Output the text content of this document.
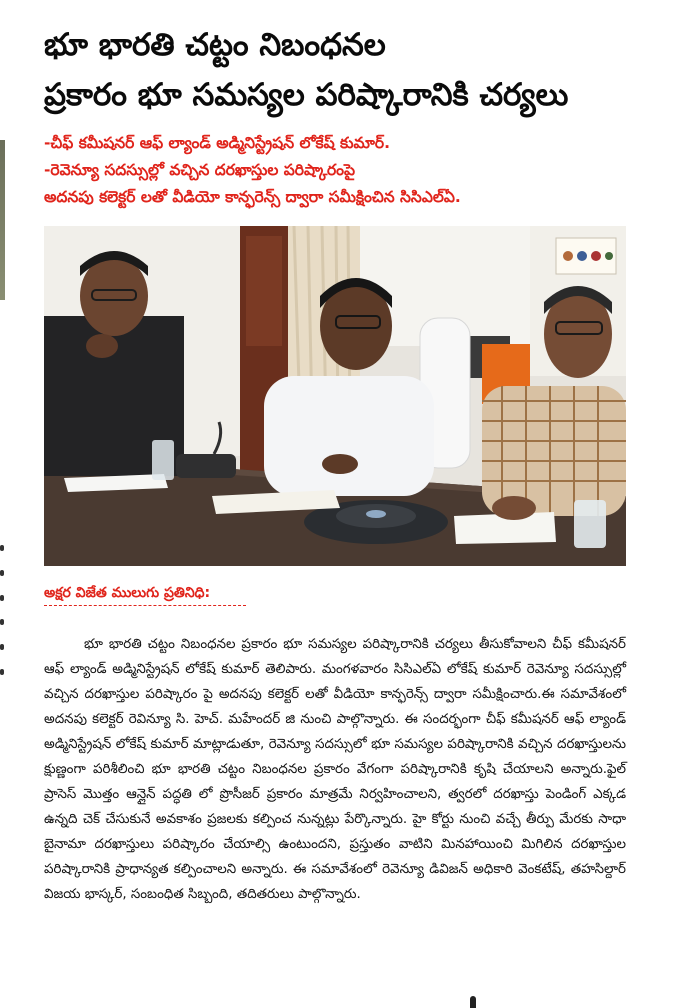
భూ భారతి చట్టం నిబంధనల
ప్రకారం భూ సమస్యల పరిష్కారానికి చర్యలు
-చీఫ్ కమీషనర్ ఆఫ్ ల్యాండ్ అడ్మినిస్ట్రేషన్ లోకేష్ కుమార్.
-రెవెన్యూ సదస్సుల్లో వచ్చిన దరఖాస్తుల పరిష్కారంపై
అదనపు కలెక్టర్ లతో వీడియో కాన్ఫరెన్స్ ద్వారా సమీక్షించిన సిసిఎల్ఏ.
అక్షర విజేత ములుగు ప్రతినిధి:

భూ భారతి చట్టం నిబంధనల ప్రకారం భూ సమస్యల పరిష్కారానికి చర్యలు తీసుకోవాలని చీఫ్ కమీషనర్ ఆఫ్ ల్యాండ్ అడ్మినిస్ట్రేషన్ లోకేష్ కుమార్ తెలిపారు. మంగళవారం సిసిఎల్ఏ లోకేష్ కుమార్ రెవెన్యూ సదస్సుల్లో వచ్చిన దరఖాస్తుల పరిష్కారం పై అదనపు కలెక్టర్ లతో వీడియో కాన్ఫరెన్స్ ద్వారా సమీక్షించారు.ఈ సమావేశంలో అదనపు కలెక్టర్ రెవిన్యూ సి. హెచ్. మహేందర్ జి నుంచి పాల్గొన్నారు. ఈ సందర్భంగా చీఫ్ కమీషనర్ ఆఫ్ ల్యాండ్ అడ్మినిస్ట్రేషన్ లోకేష్ కుమార్ మాట్లాడుతూ, రెవెన్యూ సదస్సులో భూ సమస్యల పరిష్కారానికి వచ్చిన దరఖాస్తులను క్షుణ్ణంగా పరిశీలించి భూ భారతి చట్టం నిబంధనల ప్రకారం వేగంగా పరిష్కారానికి కృషి చేయాలని అన్నారు.ఫైల్ ప్రాసెస్ మొత్తం ఆన్లైన్ పద్ధతి లో ప్రొసీజర్ ప్రకారం మాత్రమే నిర్వహించాలని, త్వరలో దరఖాస్తు పెండింగ్ ఎక్కడ ఉన్నది చెక్ చేసుకునే అవకాశం ప్రజలకు కల్పించ నున్నట్లు పేర్కొన్నారు. హై కోర్టు నుంచి వచ్చే తీర్పు మేరకు సాధా బైనామా దరఖాస్తులు పరిష్కారం చేయాల్సి ఉంటుందని, ప్రస్తుతం వాటిని మినహాయించి మిగిలిన దరఖాస్తుల పరిష్కారానికి ప్రాధాన్యత కల్పించాలని అన్నారు. ఈ సమావేశంలో రెవెన్యూ డివిజన్ అధికారి వెంకటేష్, తహసిల్దార్ విజయ భాస్కర్, సంబంధిత సిబ్బంది, తదితరులు పాల్గొన్నారు.
